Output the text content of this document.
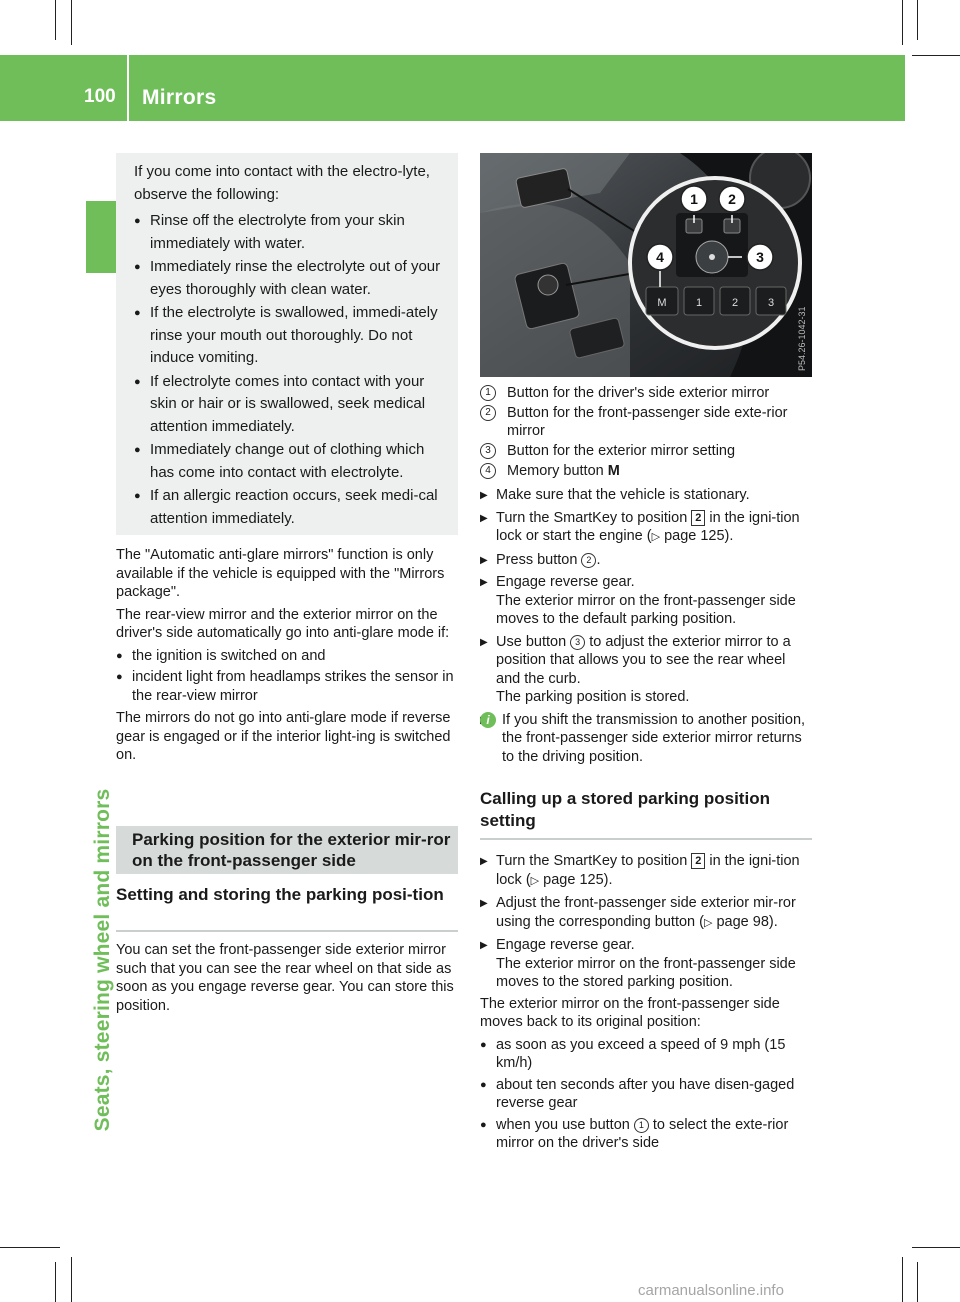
100 Mirrors
Seats, steering wheel and mirrors

If you come into contact with the electro-lyte, observe the following:

● Rinse off the electrolyte from your skin immediately with water.
● Immediately rinse the electrolyte out of your eyes thoroughly with clean water.
● If the electrolyte is swallowed, immedi-ately rinse your mouth out thoroughly. Do not induce vomiting.
● If electrolyte comes into contact with your skin or hair or is swallowed, seek medical attention immediately.
● Immediately change out of clothing which has come into contact with electrolyte.
● If an allergic reaction occurs, seek medi-cal attention immediately.

The "Automatic anti-glare mirrors" function is only available if the vehicle is equipped with the "Mirrors package".

The rear-view mirror and the exterior mirror on the driver's side automatically go into anti-glare mode if:

● the ignition is switched on and
● incident light from headlamps strikes the sensor in the rear-view mirror

The mirrors do not go into anti-glare mode if reverse gear is engaged or if the interior light-ing is switched on.

Parking position for the exterior mir-ror on the front-passenger side
Setting and storing the parking posi-tion

You can set the front-passenger side exterior mirror such that you can see the rear wheel on that side as soon as you engage reverse gear. You can store this position.

M	1	2	3
1 2
3
4
P54.26-1042-31
1	Button for the driver's side exterior mirror
2	Button for the front-passenger side exte-rior mirror
3	Button for the exterior mirror setting
4	Memory button M
▶ Make sure that the vehicle is stationary.
▶ Turn the SmartKey to position 2 in the igni-tion lock or start the engine (▷ page 125).
▶ Press button 2 .
▶ Engage reverse gear.
The exterior mirror on the front-passenger side moves to the default parking position.
▶ Use button 3 to adjust the exterior mirror to a position that allows you to see the rear wheel and the curb.
The parking position is stored.
▶ i If you shift the transmission to another position, the front-passenger side exterior mirror returns to the driving position.
Calling up a stored parking position setting
▶ Turn the SmartKey to position 2 in the igni-tion lock (▷ page 125).
▶ Adjust the front-passenger side exterior mir-ror using the corresponding button (▷ page 98).
▶ Engage reverse gear.
The exterior mirror on the front-passenger side moves to the stored parking position.

The exterior mirror on the front-passenger side moves back to its original position:

● as soon as you exceed a speed of 9 mph (15 km/h)
● about ten seconds after you have disen-gaged reverse gear
● when you use button 1 to select the exte-rior mirror on the driver's side
carmanualsonline.info
